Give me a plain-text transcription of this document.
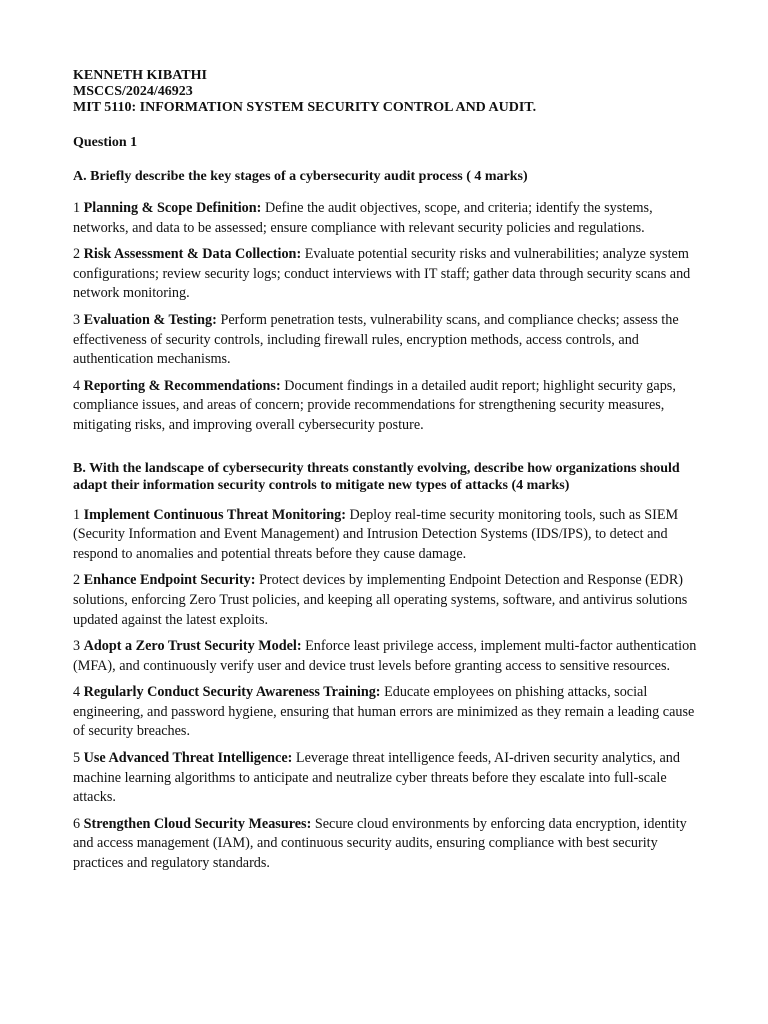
KENNETH KIBATHI

MSCCS/2024/46923

MIT 5110: INFORMATION SYSTEM SECURITY CONTROL AND AUDIT.

Question 1

A. Briefly describe the key stages of a cybersecurity audit process ( 4 marks)

1 Planning & Scope Definition: Define the audit objectives, scope, and criteria; identify the systems, networks, and data to be assessed; ensure compliance with relevant security policies and regulations.

2 Risk Assessment & Data Collection: Evaluate potential security risks and vulnerabilities; analyze system configurations; review security logs; conduct interviews with IT staff; gather data through security scans and network monitoring.

3 Evaluation & Testing: Perform penetration tests, vulnerability scans, and compliance checks; assess the effectiveness of security controls, including firewall rules, encryption methods, access controls, and authentication mechanisms.

4 Reporting & Recommendations: Document findings in a detailed audit report; highlight security gaps, compliance issues, and areas of concern; provide recommendations for strengthening security measures, mitigating risks, and improving overall cybersecurity posture.

B. With the landscape of cybersecurity threats constantly evolving, describe how organizations should adapt their information security controls to mitigate new types of attacks (4 marks)

1 Implement Continuous Threat Monitoring: Deploy real-time security monitoring tools, such as SIEM (Security Information and Event Management) and Intrusion Detection Systems (IDS/IPS), to detect and respond to anomalies and potential threats before they cause damage.

2 Enhance Endpoint Security: Protect devices by implementing Endpoint Detection and Response (EDR) solutions, enforcing Zero Trust policies, and keeping all operating systems, software, and antivirus solutions updated against the latest exploits.

3 Adopt a Zero Trust Security Model: Enforce least privilege access, implement multi-factor authentication (MFA), and continuously verify user and device trust levels before granting access to sensitive resources.

4 Regularly Conduct Security Awareness Training: Educate employees on phishing attacks, social engineering, and password hygiene, ensuring that human errors are minimized as they remain a leading cause of security breaches.

5 Use Advanced Threat Intelligence: Leverage threat intelligence feeds, AI-driven security analytics, and machine learning algorithms to anticipate and neutralize cyber threats before they escalate into full-scale attacks.

6 Strengthen Cloud Security Measures: Secure cloud environments by enforcing data encryption, identity and access management (IAM), and continuous security audits, ensuring compliance with best security practices and regulatory standards.
